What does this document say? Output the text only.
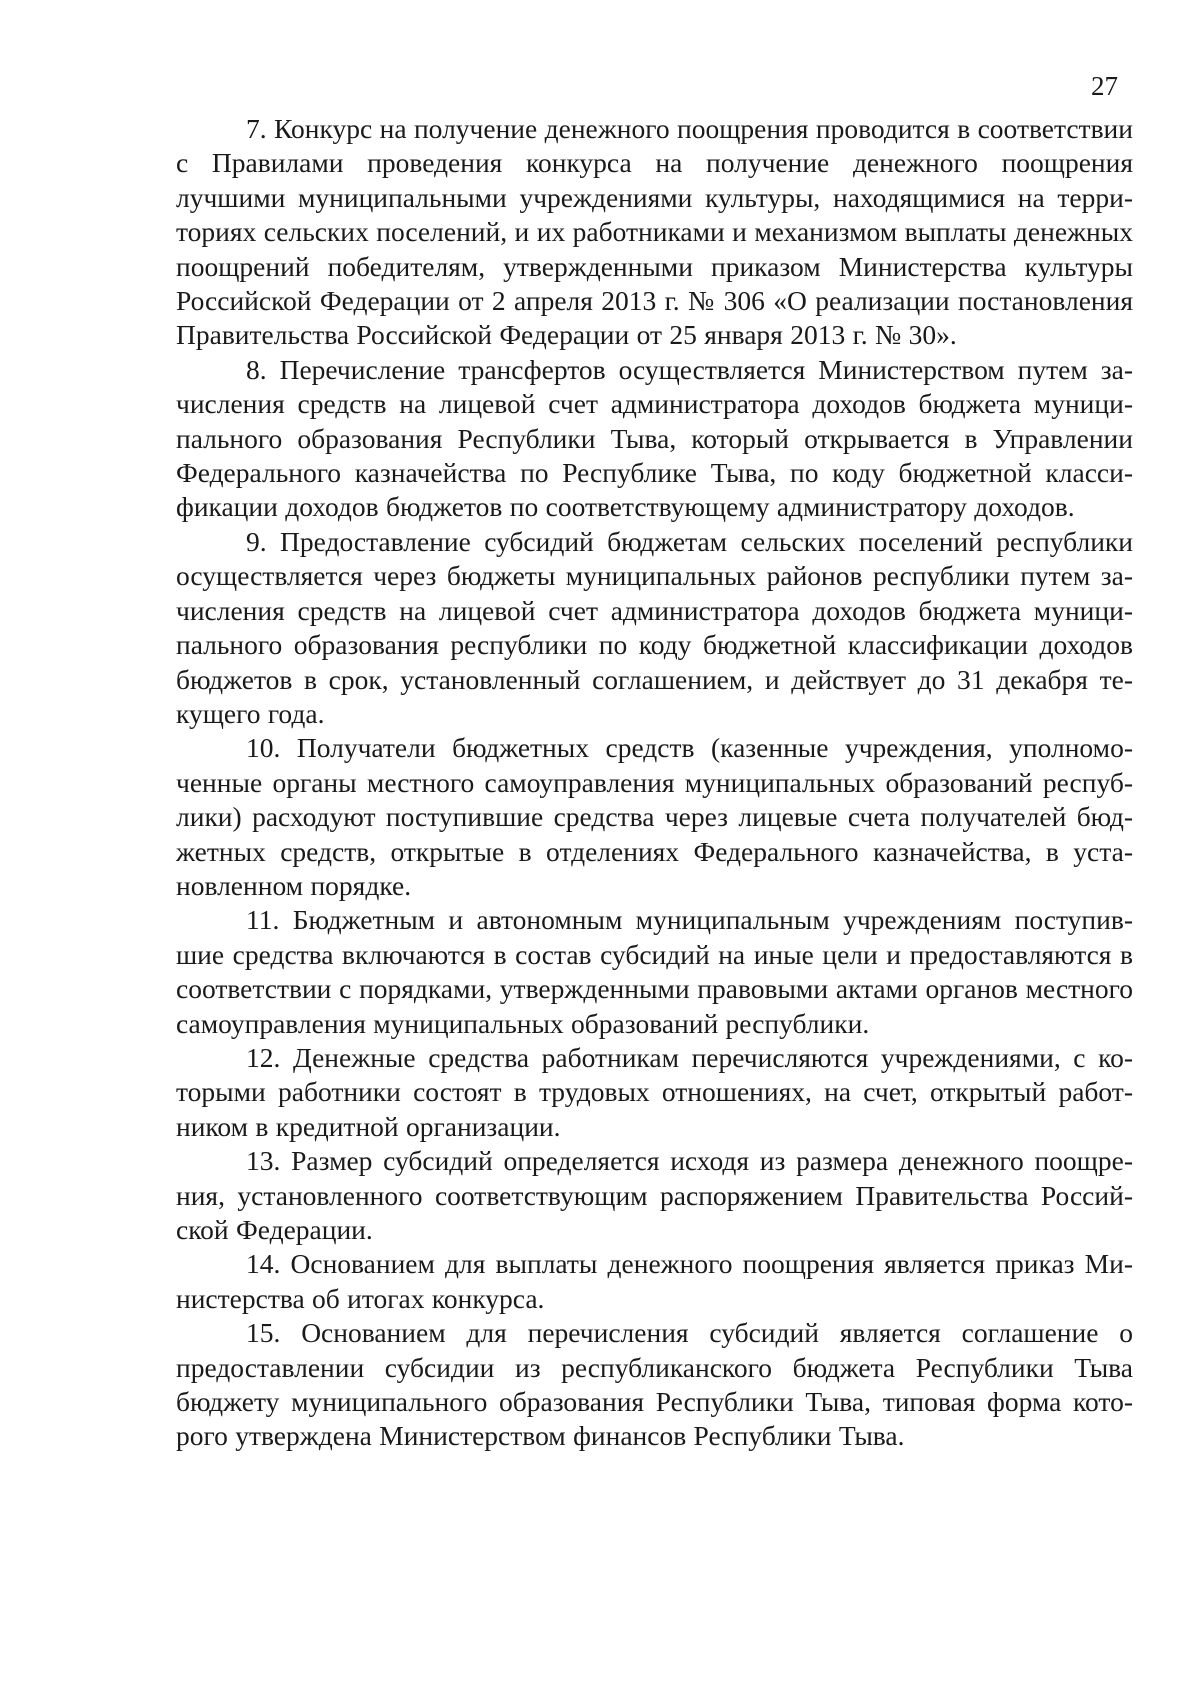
27

7. Конкурс на получение денежного поощрения проводится в соответствии с Правилами проведения конкурса на получение денежного поощрения лучшими муниципальными учреждениями культуры, находящимися на территориях сельских поселений, и их работниками и механизмом выплаты денежных поощрений победителям, утвержденными приказом Министерства культуры Российской Федерации от 2 апреля 2013 г. № 306 «О реализации постановления Правительства Российской Федерации от 25 января 2013 г. № 30».

8. Перечисление трансфертов осуществляется Министерством путем зачисления средств на лицевой счет администратора доходов бюджета муниципального образования Республики Тыва, который открывается в Управлении Федерального казначейства по Республике Тыва, по коду бюджетной классификации доходов бюджетов по соответствующему администратору доходов.

9. Предоставление субсидий бюджетам сельских поселений республики осуществляется через бюджеты муниципальных районов республики путем зачисления средств на лицевой счет администратора доходов бюджета муниципального образования республики по коду бюджетной классификации доходов бюджетов в срок, установленный соглашением, и действует до 31 декабря текущего года.

10. Получатели бюджетных средств (казенные учреждения, уполномоченные органы местного самоуправления муниципальных образований республики) расходуют поступившие средства через лицевые счета получателей бюджетных средств, открытые в отделениях Федерального казначейства, в установленном порядке.

11. Бюджетным и автономным муниципальным учреждениям поступившие средства включаются в состав субсидий на иные цели и предоставляются в соответствии с порядками, утвержденными правовыми актами органов местного самоуправления муниципальных образований республики.

12. Денежные средства работникам перечисляются учреждениями, с которыми работники состоят в трудовых отношениях, на счет, открытый работником в кредитной организации.

13. Размер субсидий определяется исходя из размера денежного поощрения, установленного соответствующим распоряжением Правительства Российской Федерации.

14. Основанием для выплаты денежного поощрения является приказ Министерства об итогах конкурса.

15. Основанием для перечисления субсидий является соглашение о предоставлении субсидии из республиканского бюджета Республики Тыва бюджету муниципального образования Республики Тыва, типовая форма которого утверждена Министерством финансов Республики Тыва.
